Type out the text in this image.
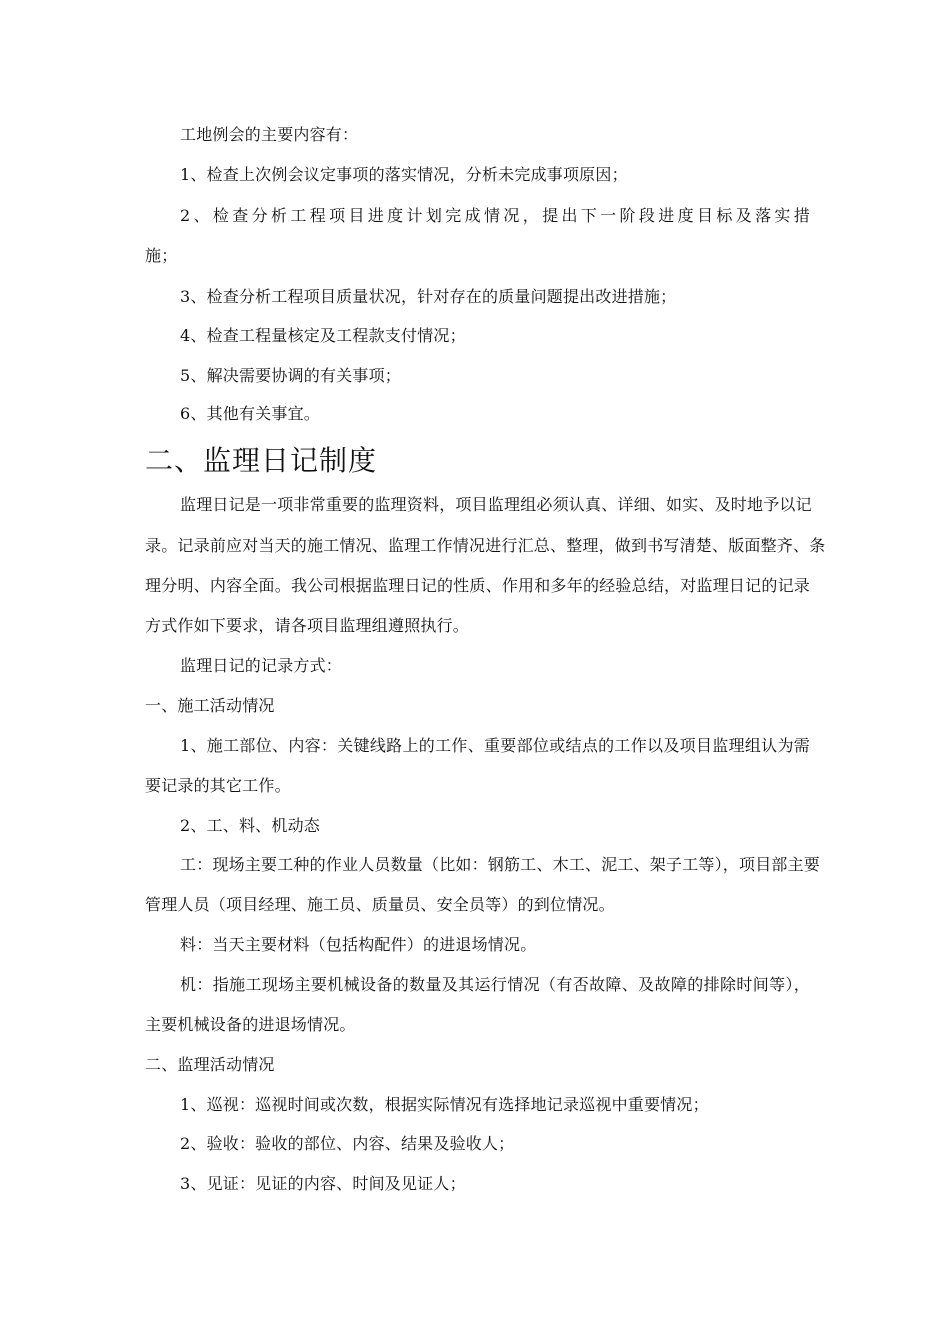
工地例会的主要内容有：
1、检查上次例会议定事项的落实情况，分析未完成事项原因；
2、检查分析工程项目进度计划完成情况，提出下一阶段进度目标及落实措
施；
3、检查分析工程项目质量状况，针对存在的质量问题提出改进措施；
4、检查工程量核定及工程款支付情况；
5、解决需要协调的有关事项；
6、其他有关事宜。
二、监理日记制度
监理日记是一项非常重要的监理资料，项目监理组必须认真、详细、如实、及时地予以记
录。记录前应对当天的施工情况、监理工作情况进行汇总、整理，做到书写清楚、版面整齐、条
理分明、内容全面。我公司根据监理日记的性质、作用和多年的经验总结，对监理日记的记录
方式作如下要求，请各项目监理组遵照执行。
监理日记的记录方式：
一、施工活动情况
1、施工部位、内容：关键线路上的工作、重要部位或结点的工作以及项目监理组认为需
要记录的其它工作。
2、工、料、机动态
工：现场主要工种的作业人员数量（比如：钢筋工、木工、泥工、架子工等），项目部主要
管理人员（项目经理、施工员、质量员、安全员等）的到位情况。
料：当天主要材料（包括构配件）的进退场情况。
机：指施工现场主要机械设备的数量及其运行情况（有否故障、及故障的排除时间等），
主要机械设备的进退场情况。
二、监理活动情况
1、巡视：巡视时间或次数，根据实际情况有选择地记录巡视中重要情况；
2、验收：验收的部位、内容、结果及验收人；
3、见证：见证的内容、时间及见证人；
